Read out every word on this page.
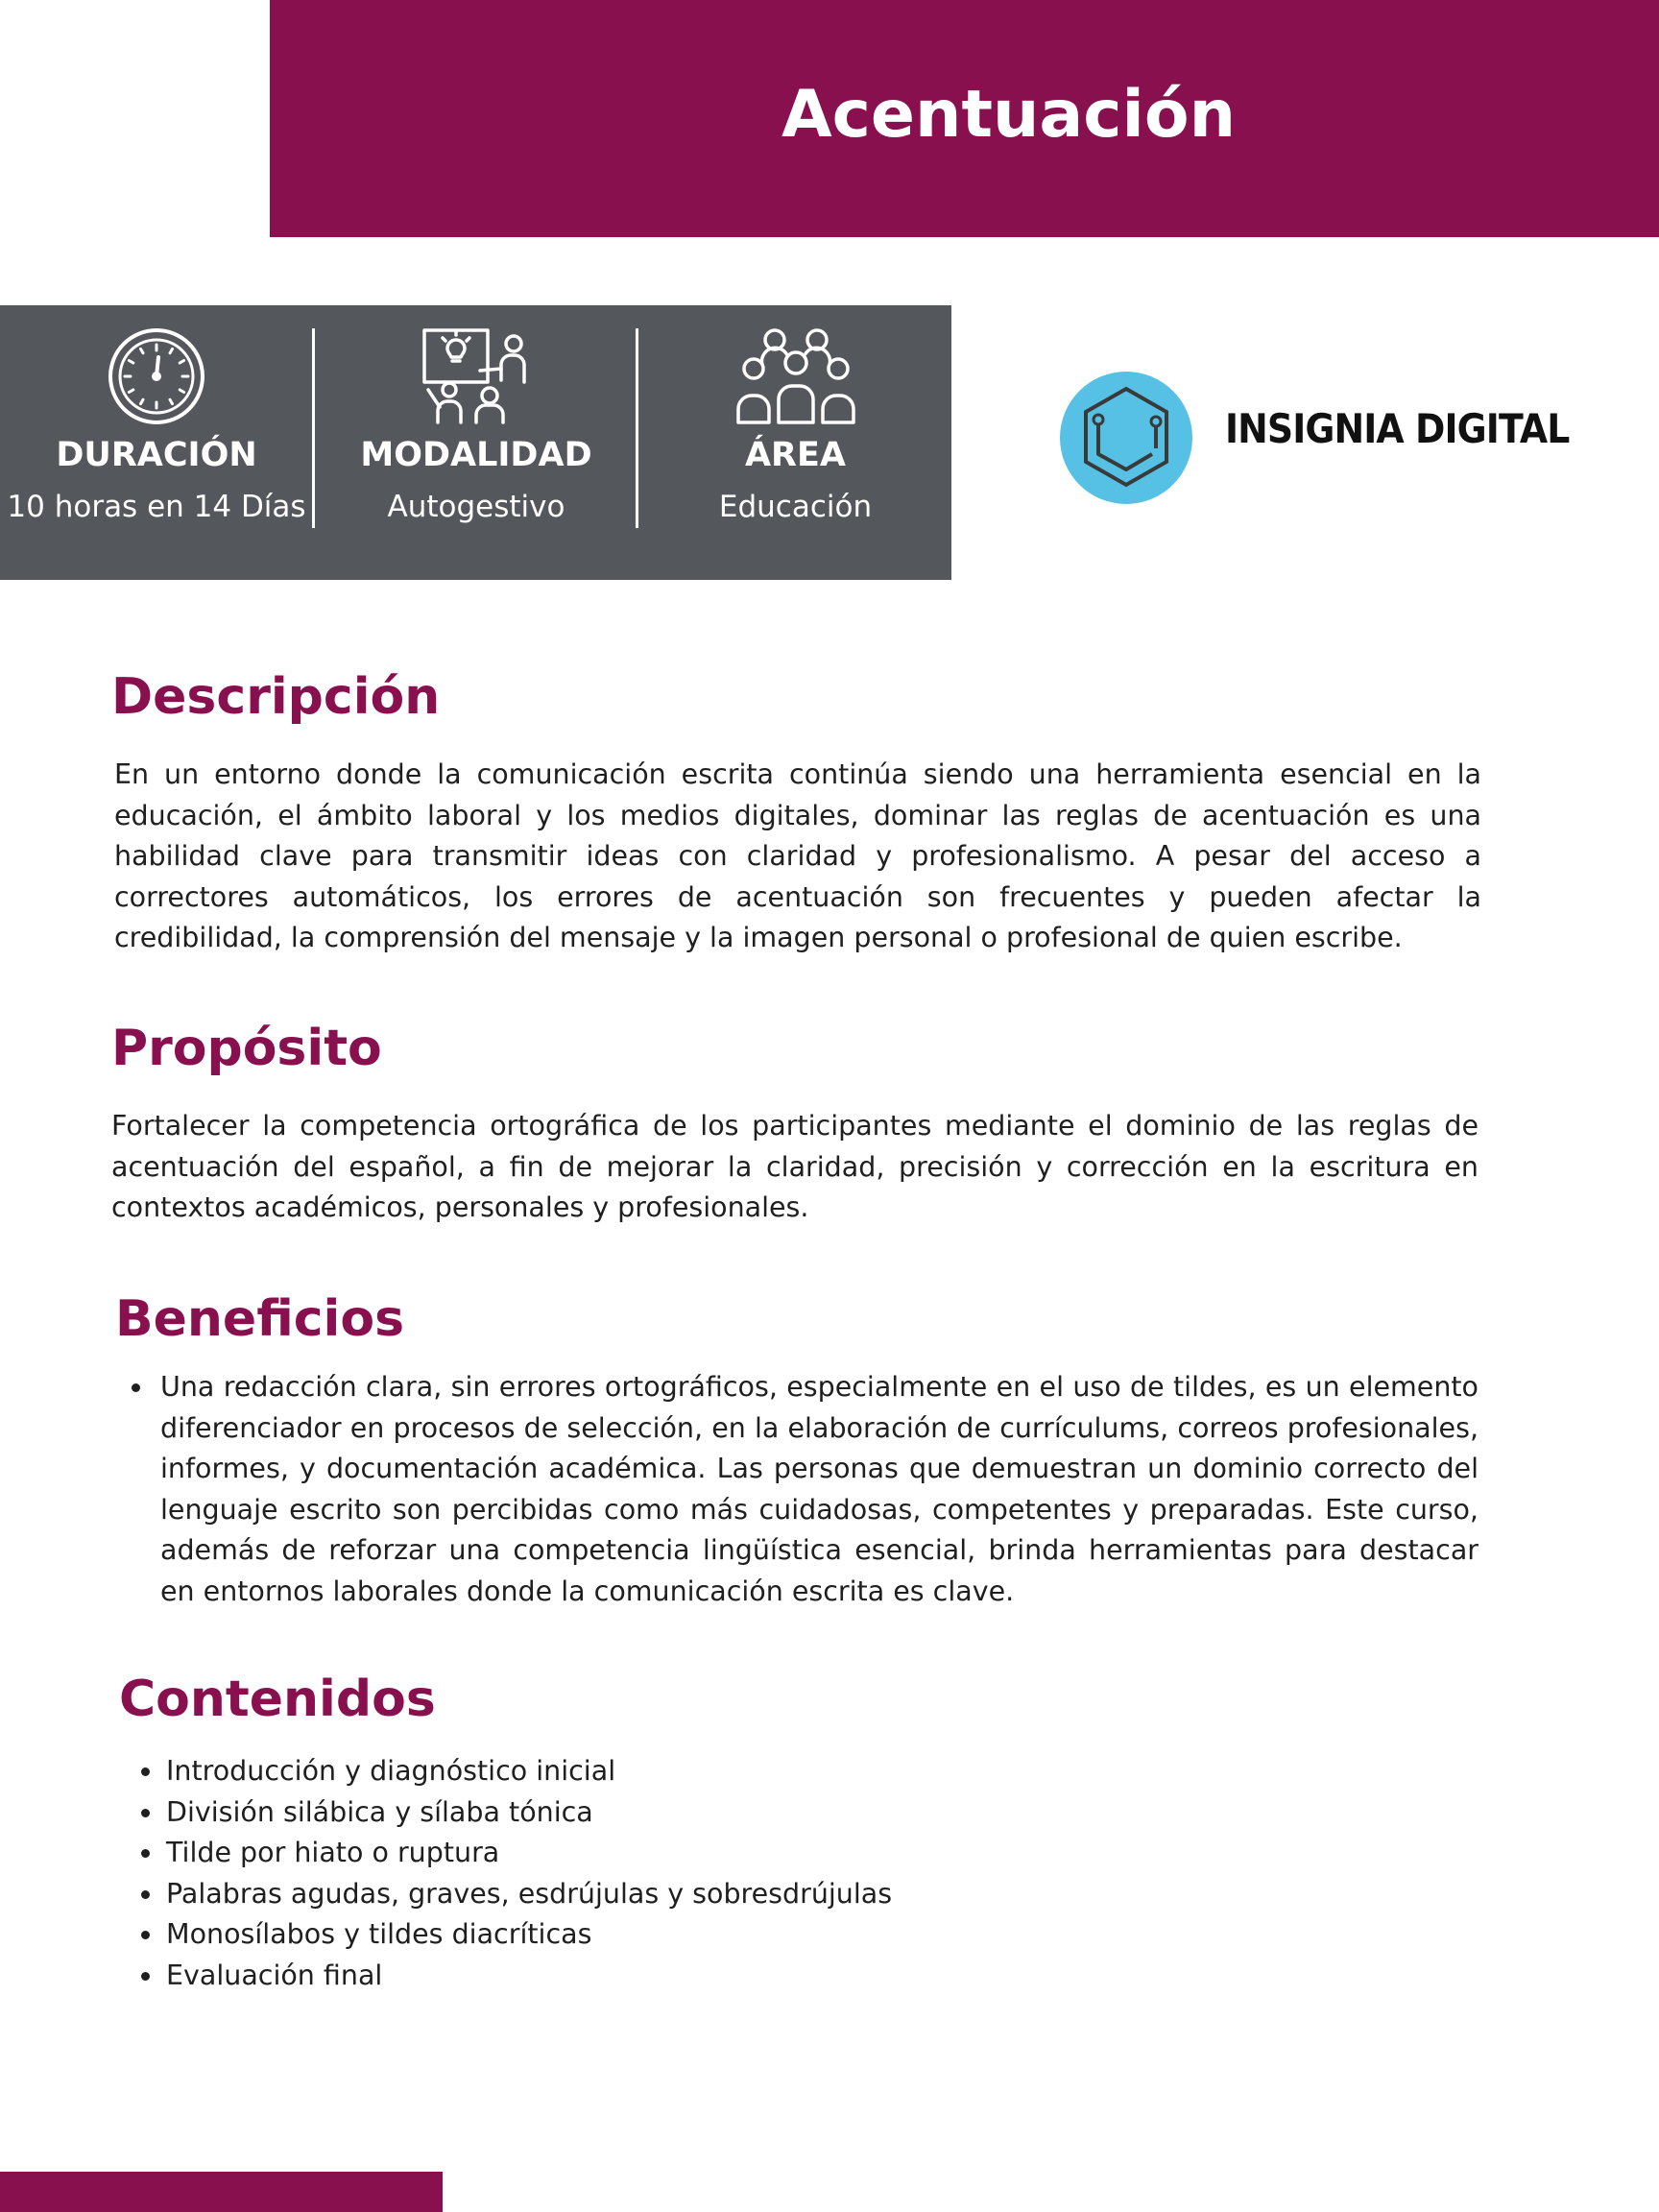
Acentuación
DURACIÓN
10 horas en 14 Días
MODALIDAD
Autogestivo
ÁREA
Educación
INSIGNIA DIGITAL
Descripción
En un entorno donde la comunicación escrita continúa siendo una herramienta esencial en la educación, el ámbito laboral y los medios digitales, dominar las reglas de acentuación es una habilidad clave para transmitir ideas con claridad y profesionalismo. A pesar del acceso a correctores automáticos, los errores de acentuación son frecuentes y pueden afectar la credibilidad, la comprensión del mensaje y la imagen personal o profesional de quien escribe.
Propósito
Fortalecer la competencia ortográfica de los participantes mediante el dominio de las reglas de acentuación del español, a fin de mejorar la claridad, precisión y corrección en la escritura en contextos académicos, personales y profesionales.
Beneficios
Una redacción clara, sin errores ortográficos, especialmente en el uso de tildes, es un elemento diferenciador en procesos de selección, en la elaboración de currículums, correos profesionales, informes, y documentación académica. Las personas que demuestran un dominio correcto del lenguaje escrito son percibidas como más cuidadosas, competentes y preparadas. Este curso, además de reforzar una competencia lingüística esencial, brinda herramientas para destacar en entornos laborales donde la comunicación escrita es clave.
Contenidos
Introducción y diagnóstico inicial
División silábica y sílaba tónica
Tilde por hiato o ruptura
Palabras agudas, graves, esdrújulas y sobresdrújulas
Monosílabos y tildes diacríticas
Evaluación final
